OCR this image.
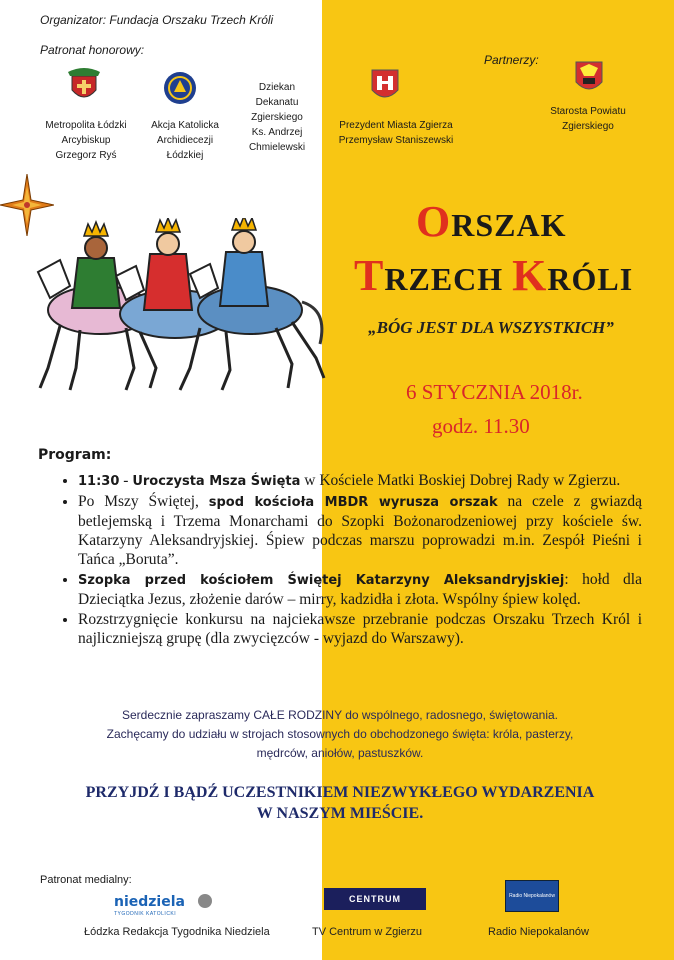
Organizator: Fundacja Orszaku Trzech Króli
Patronat honorowy:
Partnerzy:
Metropolita Łódzki
Arcybiskup
Grzegorz Ryś
Akcja Katolicka
Archidiecezji
Łódzkiej
Dziekan
Dekanatu
Zgierskiego
Ks. Andrzej
Chmielewski
Prezydent Miasta Zgierza
Przemysław Staniszewski
Starosta Powiatu
Zgierskiego
ORSZAK
TRZECH KRÓLI
„BÓG JEST DLA WSZYSTKICH”
6 STYCZNIA 2018r.
godz. 11.30
Program:
• 11:30 - Uroczysta Msza Święta w Kościele Matki Boskiej Dobrej Rady w Zgierzu.
• Po Mszy Świętej, spod kościoła MBDR wyrusza orszak na czele z gwiazdą betlejemską i Trzema Monarchami do Szopki Bożonarodzeniowej przy kościele św. Katarzyny Aleksandryjskiej. Śpiew podczas marszu poprowadzi m.in. Zespół Pieśni i Tańca „Boruta”.
• Szopka przed kościołem Świętej Katarzyny Aleksandryjskiej: hołd dla Dzieciątka Jezus, złożenie darów – mirry, kadzidła i złota. Wspólny śpiew kolęd.
• Rozstrzygnięcie konkursu na najciekawsze przebranie podczas Orszaku Trzech Król i najliczniejszą grupę (dla zwycięzców - wyjazd do Warszawy).
Serdecznie zapraszamy CAŁE RODZINY do wspólnego, radosnego, świętowania.
Zachęcamy do udziału w strojach stosownych do obchodzonego święta: króla, pasterzy,
mędrców, aniołów, pastuszków.
PRZYJDŹ I BĄDŹ UCZESTNIKIEM NIEZWYKŁEGO WYDARZENIA
W NASZYM MIEŚCIE.
Patronat medialny:
niedziela
TYGODNIK KATOLICKI
CENTRUM	Radio Niepokalanów
Łódzka Redakcja Tygodnika Niedziela	TV Centrum w Zgierzu	Radio Niepokalanów
